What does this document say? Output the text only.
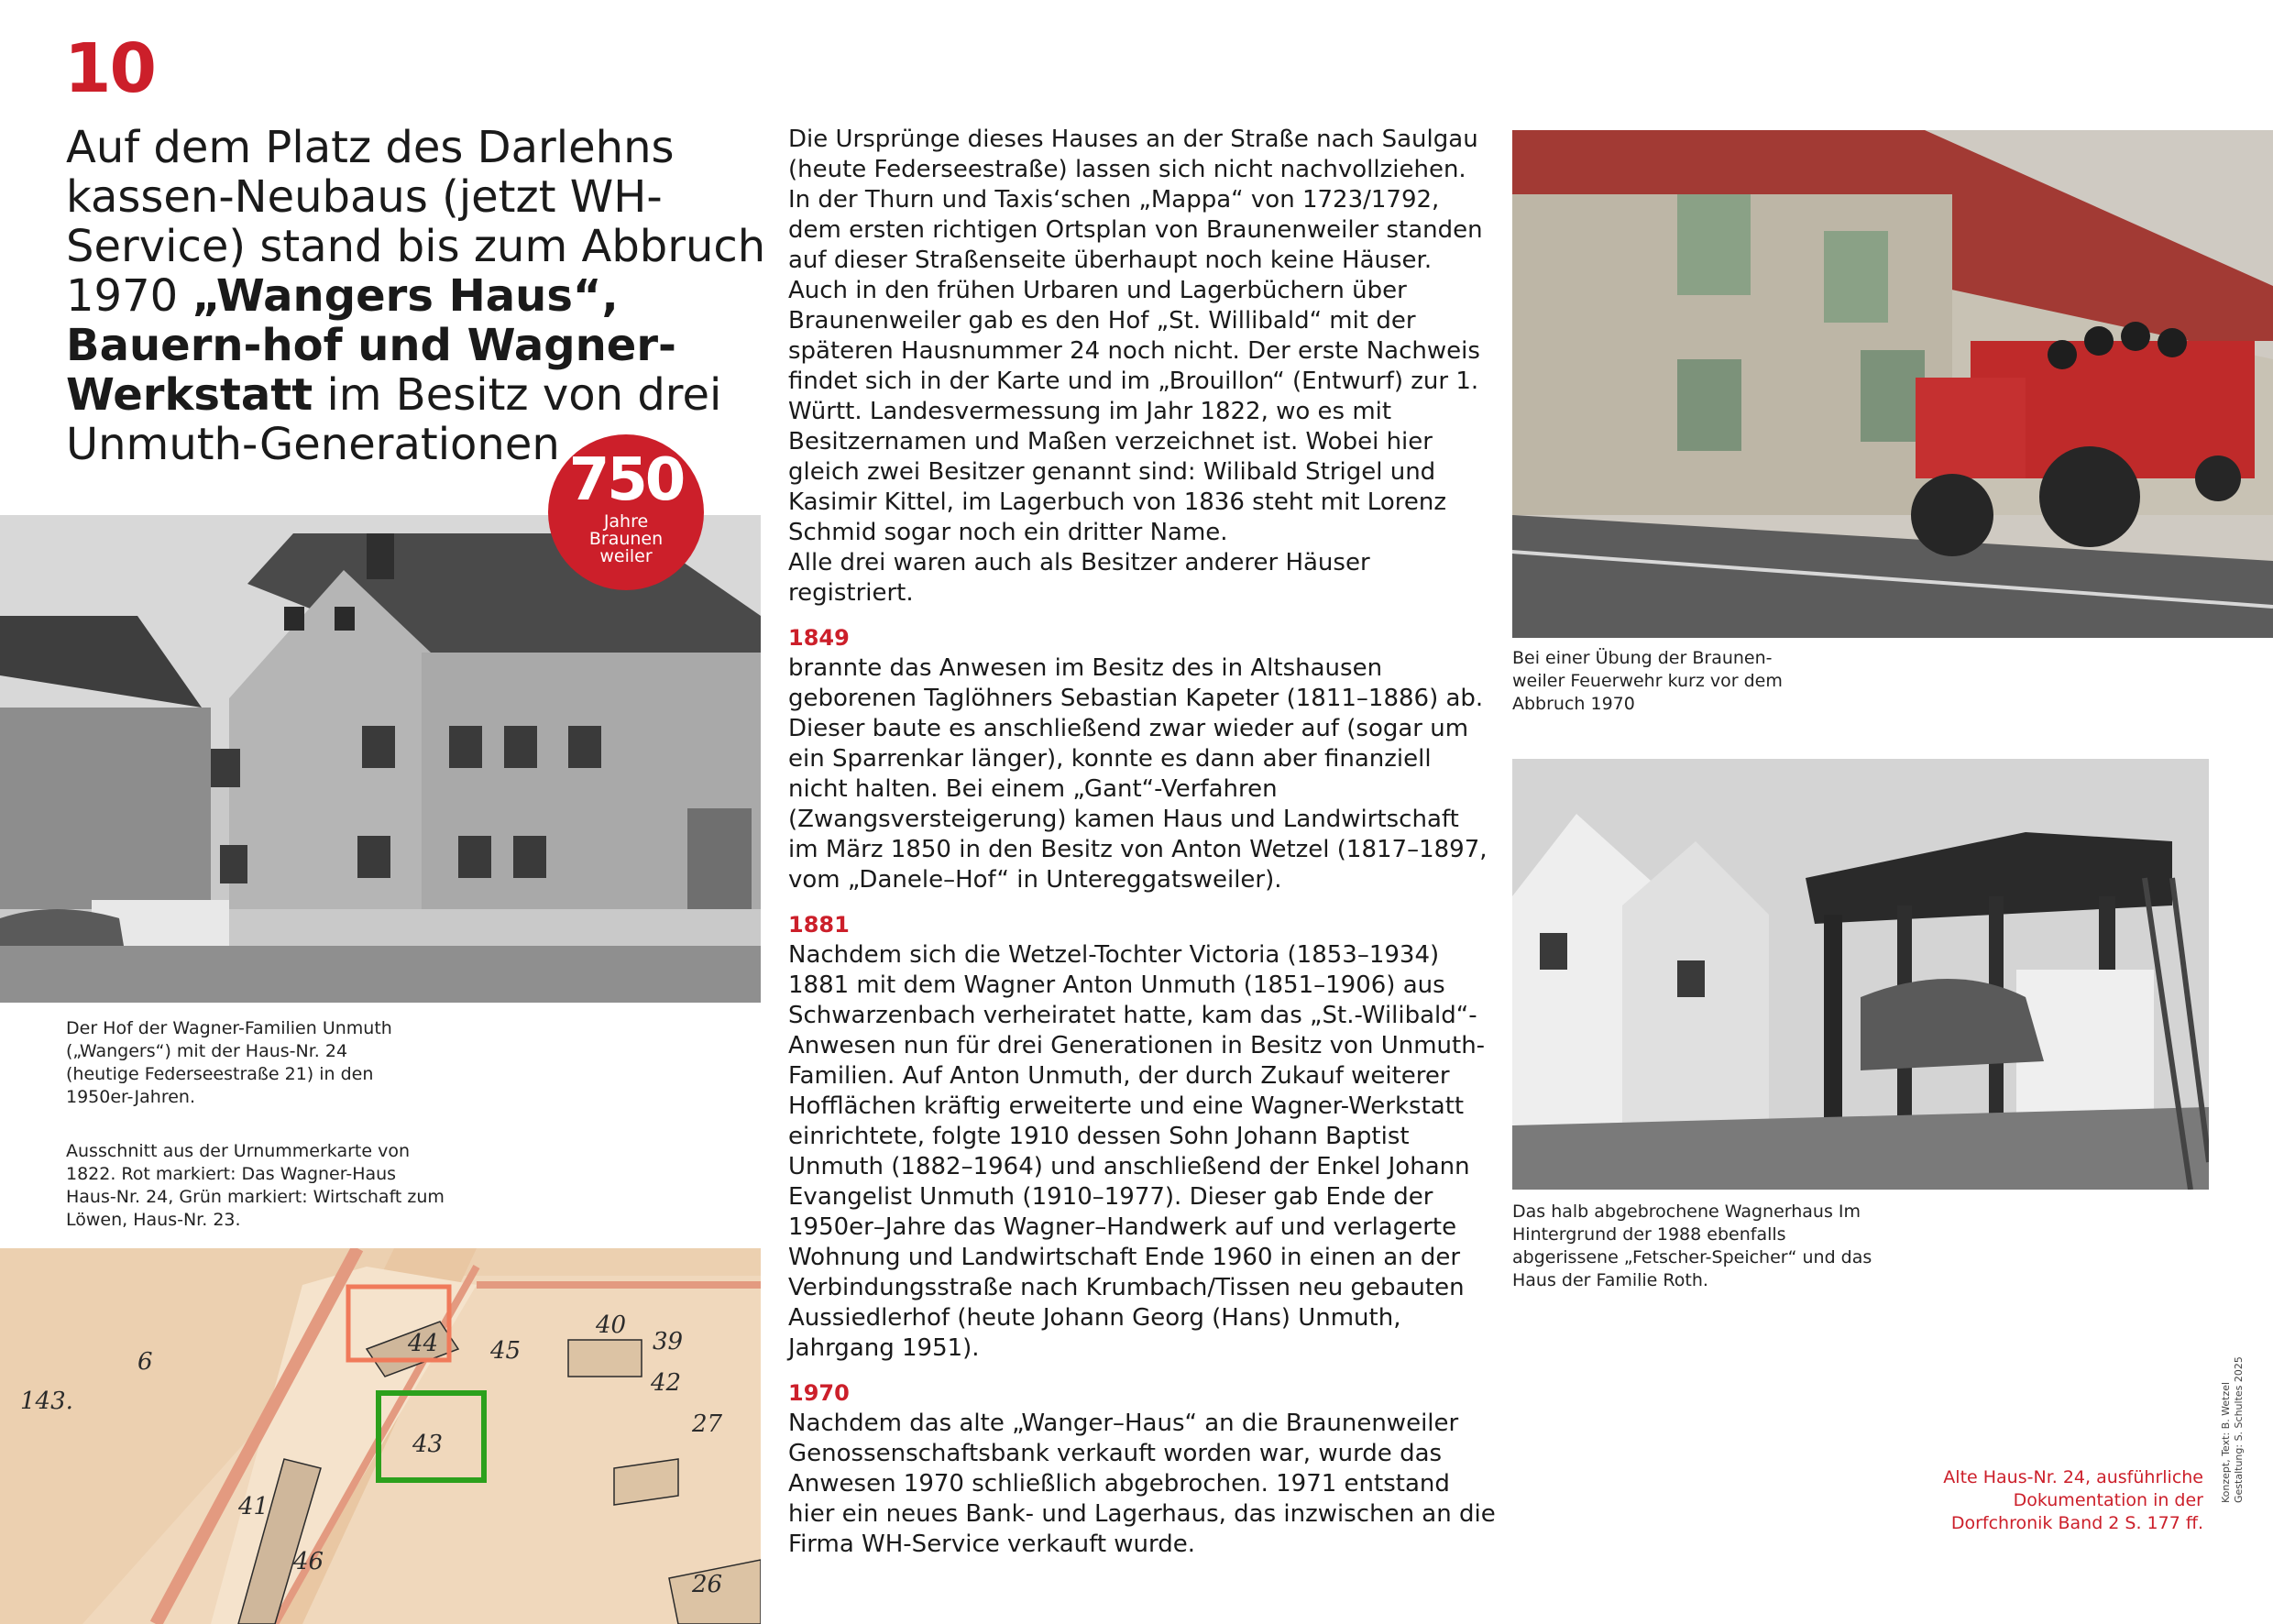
10
Auf dem Platz des Darlehns kassen-Neubaus (jetzt WH-Service) stand bis zum Abbruch 1970 „Wangers Haus“, Bauern-hof und Wagner-Werkstatt im Besitz von drei Unmuth-Generationen
750
Jahre
Braunen
weiler
Der Hof der Wagner-Familien Unmuth („Wangers“) mit der Haus-Nr. 24 (heutige Federseestraße 21) in den 1950er-Jahren.
Ausschnitt aus der Urnummerkarte von 1822. Rot markiert: Das Wagner-Haus Haus-Nr. 24, Grün markiert: Wirtschaft zum Löwen, Haus-Nr. 23.
143.
6
41
44 45
40
39
42
27
46
26
43

Die Ursprünge dieses Hauses an der Straße nach Saulgau (heute Federseestraße) lassen sich nicht nachvollziehen. In der Thurn und Taxis‘schen „Mappa“ von 1723/1792, dem ersten richtigen Ortsplan von Braunenweiler standen auf dieser Straßenseite überhaupt noch keine Häuser. Auch in den frühen Urbaren und Lagerbüchern über Braunenweiler gab es den Hof „St. Willibald“ mit der späteren Hausnummer 24 noch nicht. Der erste Nachweis findet sich in der Karte und im „Brouillon“ (Entwurf) zur 1. Württ. Landesvermessung im Jahr 1822, wo es mit Besitzernamen und Maßen verzeichnet ist. Wobei hier gleich zwei Besitzer genannt sind: Wilibald Strigel und Kasimir Kittel, im Lagerbuch von 1836 steht mit Lorenz Schmid sogar noch ein dritter Name.

Alle drei waren auch als Besitzer anderer Häuser registriert.

1849

brannte das Anwesen im Besitz des in Altshausen geborenen Taglöhners Sebastian Kapeter (1811–1886) ab. Dieser baute es anschließend zwar wieder auf (sogar um ein Sparrenkar länger), konnte es dann aber finanziell nicht halten. Bei einem „Gant“-Verfahren (Zwangsversteigerung) kamen Haus und Landwirtschaft im März 1850 in den Besitz von Anton Wetzel (1817–1897, vom „Danele–Hof“ in Untereggatsweiler).

1881

Nachdem sich die Wetzel-Tochter Victoria (1853–1934) 1881 mit dem Wagner Anton Unmuth (1851–1906) aus Schwarzenbach verheiratet hatte, kam das „St.-Wilibald“-Anwesen nun für drei Generationen in Besitz von Unmuth-Familien. Auf Anton Unmuth, der durch Zukauf weiterer Hofflächen kräftig erweiterte und eine Wagner-Werkstatt einrichtete, folgte 1910 dessen Sohn Johann Baptist Unmuth (1882–1964) und anschließend der Enkel Johann Evangelist Unmuth (1910–1977). Dieser gab Ende der 1950er–Jahre das Wagner–Handwerk auf und verlagerte Wohnung und Landwirtschaft Ende 1960 in einen an der Verbindungsstraße nach Krumbach/Tissen neu gebauten Aussiedlerhof (heute Johann Georg (Hans) Unmuth, Jahrgang 1951).

1970

Nachdem das alte „Wanger–Haus“ an die Braunenweiler Genossenschaftsbank verkauft worden war, wurde das Anwesen 1970 schließlich abgebrochen. 1971 entstand hier ein neues Bank- und Lagerhaus, das inzwischen an die Firma WH-Service verkauft wurde.

Bei einer Übung der Braunen-weiler Feuerwehr kurz vor dem Abbruch 1970
Das halb abgebrochene Wagnerhaus Im Hintergrund der 1988 ebenfalls abgerissene „Fetscher-Speicher“ und das Haus der Familie Roth.
Alte Haus-Nr. 24, ausführliche Dokumentation in der Dorfchronik Band 2 S. 177 ff.
Konzept, Text: B. Wetzel Gestaltung: S. Schultes 2025
